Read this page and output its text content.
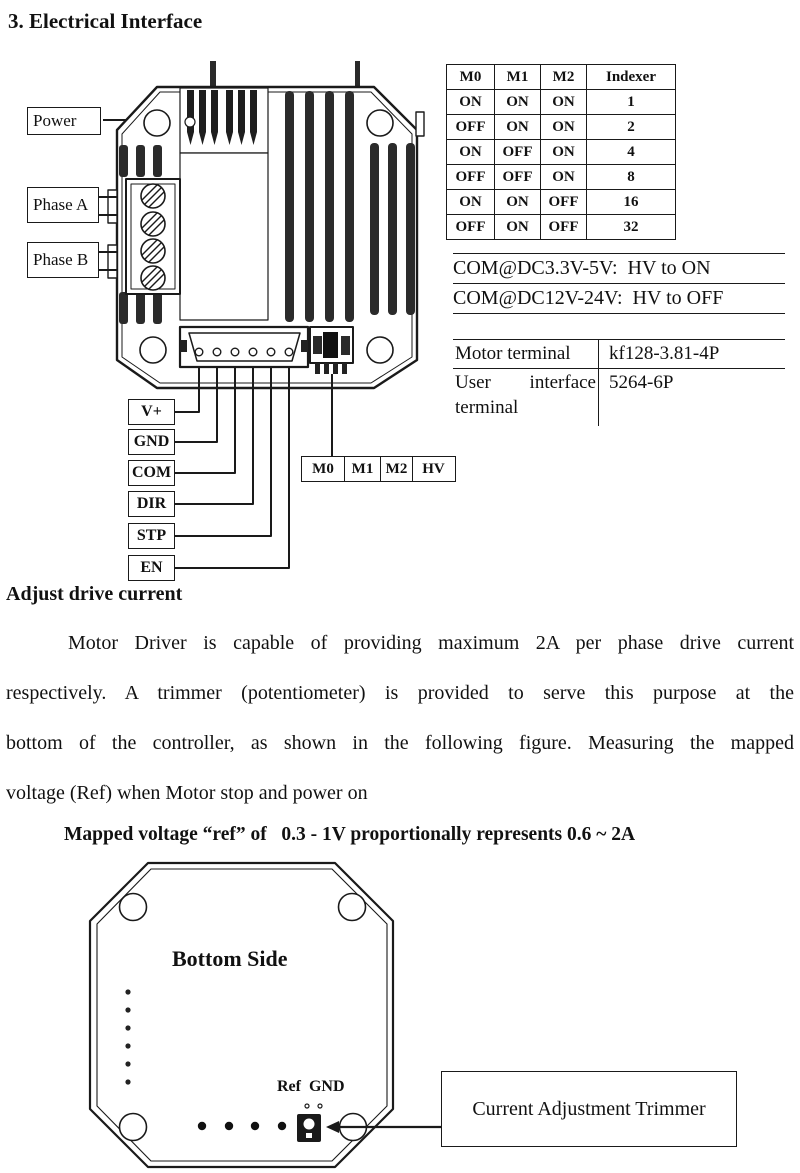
3. Electrical Interface
Power
Phase A
Phase B
V+
GND
COM
DIR
STP
EN
M0	M1 M2 HV
M0	M1	M2	Indexer
ON	ON	ON	1
OFF	ON	ON	2
ON	OFF	ON	4
OFF	OFF	ON	8
ON	ON	OFF	16
OFF	ON	OFF	32
COM@DC3.3V-5V:  HV to ON
COM@DC12V-24V:  HV to OFF
Motor terminal	kf128-3.81-4P
User interface terminal	5264-6P
Adjust drive current
Motor Driver is capable of providing maximum 2A per phase drive current
respectively. A trimmer (potentiometer) is provided to serve this purpose at the
bottom of the controller, as shown in the following figure. Measuring the mapped
voltage (Ref) when Motor stop and power on
Mapped voltage “ref” of   0.3 - 1V proportionally represents 0.6 ~ 2A
Bottom Side
Ref  GND
Current Adjustment Trimmer
